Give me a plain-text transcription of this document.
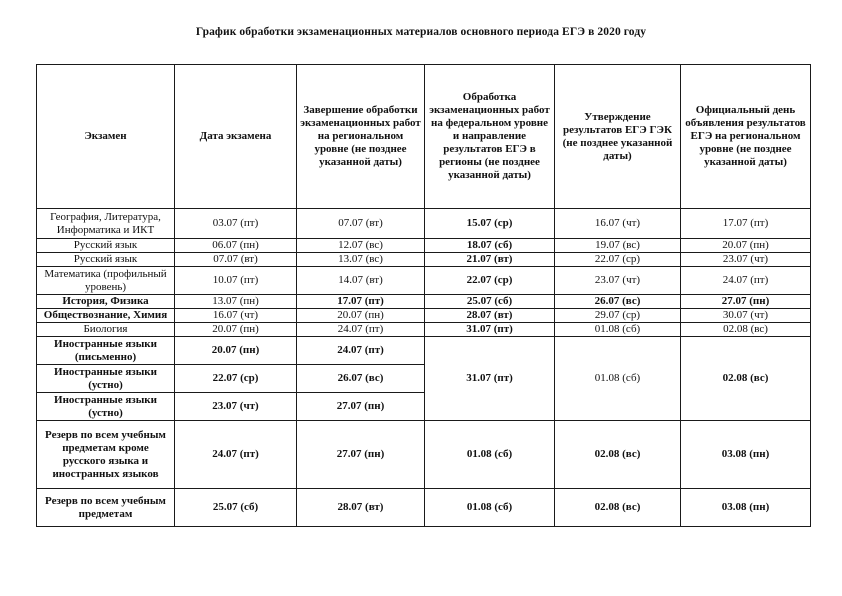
График обработки экзаменационных материалов основного периода ЕГЭ в 2020 году
Экзамен	Дата экзамена	Завершение обработки экзаменационных работ на региональном уровне (не позднее указанной даты)	Обработка экзаменационных работ на федеральном уровне и направление результатов ЕГЭ в регионы (не позднее указанной даты)	Утверждение результатов ЕГЭ ГЭК (не позднее указанной даты)	Официальный день объявления результатов ЕГЭ на региональном уровне (не позднее указанной даты)
География, Литература, Информатика и ИКТ	03.07 (пт)	07.07 (вт)	15.07 (ср)	16.07 (чт)	17.07 (пт)
Русский язык	06.07 (пн)	12.07 (вс)	18.07 (сб)	19.07 (вс)	20.07 (пн)
Русский язык	07.07 (вт)	13.07 (вс)	21.07 (вт)	22.07 (ср)	23.07 (чт)
Математика (профильный уровень)	10.07 (пт)	14.07 (вт)	22.07 (ср)	23.07 (чт)	24.07 (пт)
История, Физика	13.07 (пн)	17.07 (пт)	25.07 (сб)	26.07 (вс)	27.07 (пн)
Обществознание, Химия	16.07 (чт)	20.07 (пн)	28.07 (вт)	29.07 (ср)	30.07 (чт)
Биология	20.07 (пн)	24.07 (пт)	31.07 (пт)	01.08 (сб)	02.08 (вс)
Иностранные языки (письменно)	20.07 (пн)	24.07 (пт)	31.07 (пт)	01.08 (сб)	02.08 (вс)
Иностранные языки (устно)	22.07 (ср)	26.07 (вс)			
Иностранные языки (устно)	23.07 (чт)	27.07 (пн)			
Резерв по всем учебным предметам кроме русского языка и иностранных языков	24.07 (пт)	27.07 (пн)	01.08 (сб)	02.08 (вс)	03.08 (пн)
Резерв по всем учебным предметам	25.07 (сб)	28.07 (вт)	01.08 (сб)	02.08 (вс)	03.08 (пн)
